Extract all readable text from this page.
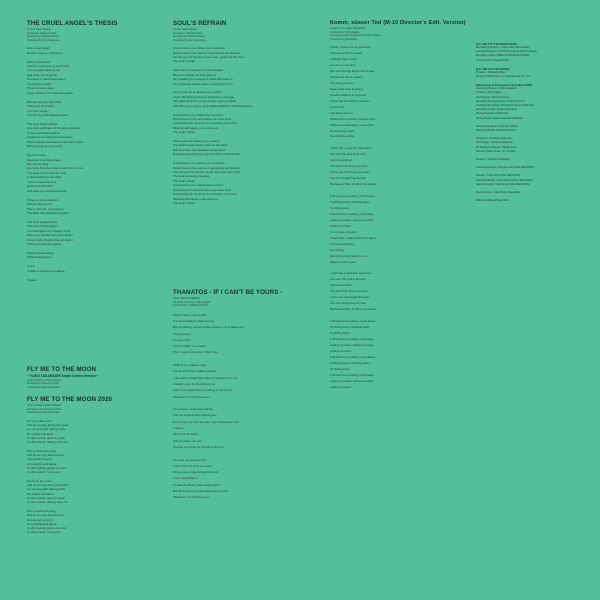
THE CRUEL ANGEL'S THESIS
Lyricist: Neko Oikawa
Composer: Hidetoshi Sato
Arranged by Toshiyuki Omori
Translated by Dan Kanemitsu
Like a cruel angel
Become legend, young boy

When a blue wind
Knocks on the door to your heart
You just gaze down at me
And smile, oh so gently
So eager to caress something
You touch so softly
Those innocent eyes
Know nothing of the fate that awaits

But one day you will realize
That upon your back
You have wings
You can fly to the faraway future

The cruel angel's thesis
One day, you'll take off through a window
If your overflowing pathos
Leads you to betray your memories
Then embrace the heavens and shine bright
Become legend, young boy

My crib of love
Slumbers in endless sleep
But one morning
An envoy from the dreams will come for you
The nape of your slender neck
Is illuminated by moonlight
I wish I could stop time,
All around the world
And keep you cloistered inside

If there is some meaning
Behind why we met
Then I must be, you must be
The Bible that preaches freedom

The cruel angel's thesis
This sorrow then begins
You held tight to the shapes of life
When you awoken from your dream
Shine bright, brighter than all others
Throw your favorite legend

People create history
While weaving love

I can't
Unable to become a goddess,

*repeat
FLY ME TO THE MOON
~ YOKO TAKAHASHI Small Screen Version~
Lyrics & Music by Bart Howard
Arranged by Toshiyuki Omori
Translated by Dan Kanemitsu
FLY ME TO THE MOON 2020
Lyrics & Music by Bart Howard
Composed by Toshiyuki Omori
Translated by Dan Kanemitsu
Fly me to the moon
And let me play among the stars
Let me see what Spring is like
On Jupiter and Mars
In other words, hold my hand!
In other words, darling, kiss me!

Fill my heart with song
And let me sing forevermore
You are all I long for
All I worship and adore
In other words, please be true!
In other words, I love you!

Fly me to the moon
And let me play among the stars
Let me see what Spring is like
On Jupiter and Mars
In other words, hold my hand!
In other words, darling, kiss me!

Fill my heart with song
And let me sing forevermore
You are all I long for
All I worship and adore
In other words, please be true!
In other words, I love you!
SOUL'S REFRAIN
Lyricist: Neko Oikawa
Composer: Hidetoshi Sato
Arranged by Toshiyuki Omori
Translated by Dan Kanemitsu
Come back to me, follow your memories
Return back to the source of gentleness and dreams
So that you can be born once more, guided by the stars
The soul's refrain

Soon skin, enveloped in a blue shadow
Blooming silently, as time goes by
As if seeking for answers of where life leads to
Your fingertips wander about, searching for me

Let my fate, be embraced one another
You're like flowing streams dreaming a passage
You will hold all the sound of hope upon my heart
And then your're gone, your palace letterform vanishing above

Come back to me, bathed and and hum
Return back to the land where you once lived
Come back into my arms, to encounter once more
Miracles will happen, over and over
The soul's refrain

When eyes are looked up in a prayer
The world slowly sleeps past into the dawn
But even then, the fossilized stories lived
But keep searching our eternity if all my short breath

Come back to me, follow your memories
Return back to the source of gentleness and dreams
The six much remember, so we can meet each other
The quiet and early lavender
The soul's refrain
Come back to me, bathed and and hum
Return back to the land where you once lived
Come back into my arms, to encounter once more
Miracles will happen, over and over
The soul's refrain
THANATOS - IF I CAN'T BE YOURS -
Lyrics: BRIAN LIEBERG
Composer/Arranger: Shiro Sagisu
Performed by LOREN & MASH
Now it's here, I feel so left
I've been holding it back so long
But something, strange drags inside of me is happening
I may've been
I've seen hell
And it's makin' me scared
That I may not be what I think I am

While in us, what do I say
Are we both from a different world
I can barely breath that I take, I'll swallow it for you
I couldn't care for life without you
And I'm so afraid, there's nothing to comfort us
What am I, if I can't be yours

I don't know, don't hear nothing
And my demons have all but gone
Don't cover my from the pain, can't shed a tear now
I repose
We're not the same
And it's makin' me sad
One we can't buff our chords on the fire

So I look, do ya know free
I can't know he what you need
If there was a way, through the hurt
Then I would find it
To take the blows, that I would fight it
But this is the one, impossible dream to me
What am I, if I can't be yours
Komm, süsser Tod (M-10 Director's Edit. Version)
English Lyrics: Mike Wyzgowski
Composition: Shiro Sagisu
Arrangement and Programming: Shiro Sagisu
Performed by ARIANNE
I know, I know I've let you down
I've been a fool to myself
I thought that I could
Live for no one else
But now through all the hurt & pain
It's time for me to respect
The ones you love
Mean more than anything
So with sadness in my heart
I'll feel the best thing I could do
Is end it all
And leave forever
What's done is done it feels so bad
What once was happy now is sad
I'll never love again
My world is ending

I wish that I could turn back time
Cos now the guilt is all mine
Can't live without
The trust from those you love
I know we can't forget the past
You can't forget love & pride
Because of that, it's kill in me inside

It all returns to nothing, it all comes
Tumbling down, tumbling down
Tumbling down
It all returns to nothing, I just keep
Letting me down, letting me down
Letting me down
In my heart of hearts
I know that I called never love again
I've lost everything
Everything
Everything that matters to me,
Matters in this world

I wish that I could turn back time
Cos now the guilt is all mine
Can't live without
The trust from those you love
I know we can't forget the past
You can't forget love & pride
Because of that, it's kill in me inside

It all returns to nothing, it just keeps
Tumbling down, tumbling down,
Tumbling down
It all returns to nothing, I just keep
Letting me down, letting me down,
Letting me down
It all returns to nothing, it just keeps
Tumbling down, tumbling down,
Tumbling down
It all returns to nothing, I just keep
Letting me down, letting me down,
Letting me down
[FLY ME TO THE MOON 2020]
Recorded & Mixed by: Koichi Hara (Hara Studio)
Assistant Engineer: Kentaro Kamakura (Hitokuchizaka)
Recording Studio: HIBIKI STUDIOS/NSSTUDIO
Vocal Director: Masaya Hotta
[FLY ME TO THE MOON]
Producer: Toshiyuki Omori
(P) & (C) 1995 khara, Inc./King Records Co., Ltd.
[Mastering of Evangelion Shin Bun 2020]
Executive Producer: Yoko Takahashi
Producer: Shiro Sagisu
Co-Producer: Toshiyuki Omori
Recording & Programming: Toshiyuki Omori
Additional Recording: Toshiyuki Omori & Koichi Hara
Recording Studio: Studio Sound Dali
Mixing Engineer: Koichi Hara
Mixing Studio: Studio Greenbird (Saitama)
Mastering Engineer: Tatsunori Nakata
Mastering Studio: KIMURA STUDIO
Illustration: Yoshiyuki Sadamoto
Title Design: Yoshiyuki Sadamoto
Art Direction & Design: Hideaki Anno
Special Thanks: khara, Inc. All Staff
Producer: Yoshihiro Koshimizu
Associate Director: King Records (KING RECORDS)
Director: Yukari Mori (KING RECORDS)
A&R Coordinator: Yuriko Suzuki (KING RECORDS)
Sales Promotion: Kenji Endo (KING RECORDS)
Special thanks: Yuka Hotta, ShaneWells
&Sheet: KRSheetProject Film
